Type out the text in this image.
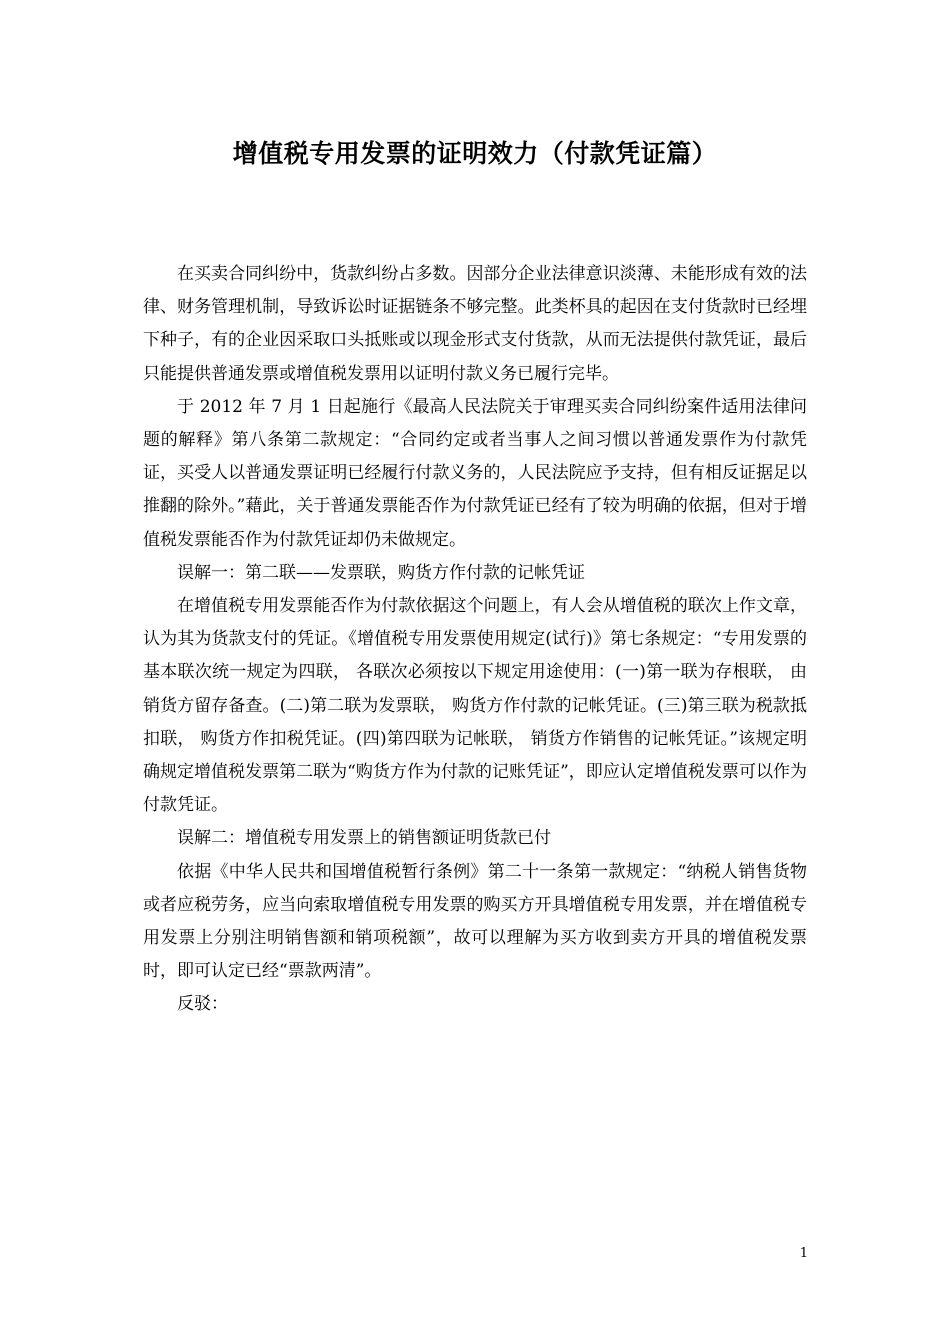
增值税专用发票的证明效力（付款凭证篇）

在买卖合同纠纷中，货款纠纷占多数。因部分企业法律意识淡薄、未能形成有效的法律、财务管理机制，导致诉讼时证据链条不够完整。此类杯具的起因在支付货款时已经埋下种子，有的企业因采取口头抵账或以现金形式支付货款，从而无法提供付款凭证，最后只能提供普通发票或增值税发票用以证明付款义务已履行完毕。

于 2012 年 7 月 1 日起施行《最高人民法院关于审理买卖合同纠纷案件适用法律问题的解释》第八条第二款规定：“合同约定或者当事人之间习惯以普通发票作为付款凭证，买受人以普通发票证明已经履行付款义务的，人民法院应予支持，但有相反证据足以推翻的除外。”藉此，关于普通发票能否作为付款凭证已经有了较为明确的依据，但对于增值税发票能否作为付款凭证却仍未做规定。

误解一：第二联——发票联，购货方作付款的记帐凭证

在增值税专用发票能否作为付款依据这个问题上，有人会从增值税的联次上作文章，认为其为货款支付的凭证。《增值税专用发票使用规定(试行)》第七条规定：“专用发票的基本联次统一规定为四联， 各联次必须按以下规定用途使用：(一)第一联为存根联， 由销货方留存备查。(二)第二联为发票联， 购货方作付款的记帐凭证。(三)第三联为税款抵扣联， 购货方作扣税凭证。(四)第四联为记帐联， 销货方作销售的记帐凭证。”该规定明确规定增值税发票第二联为“购货方作为付款的记账凭证”，即应认定增值税发票可以作为付款凭证。

误解二：增值税专用发票上的销售额证明货款已付

依据《中华人民共和国增值税暂行条例》第二十一条第一款规定：“纳税人销售货物或者应税劳务，应当向索取增值税专用发票的购买方开具增值税专用发票，并在增值税专用发票上分别注明销售额和销项税额”，故可以理解为买方收到卖方开具的增值税发票时，即可认定已经“票款两清”。

反驳：

1
